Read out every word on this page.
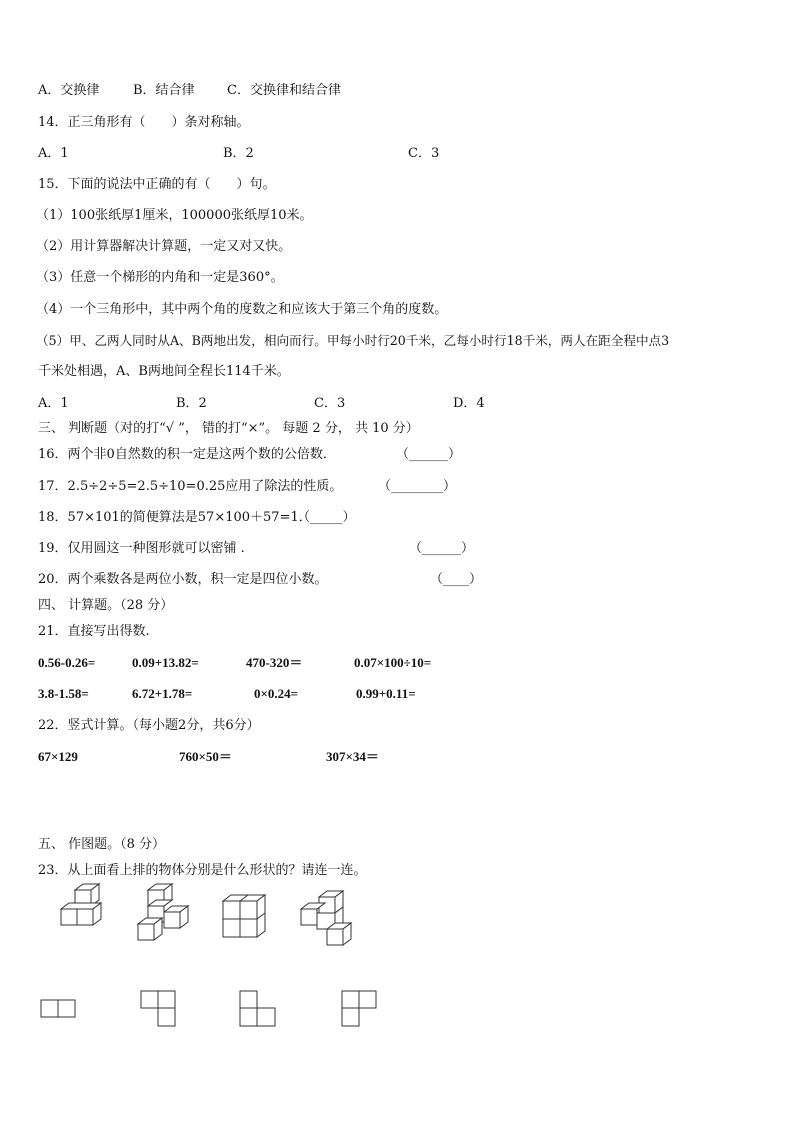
A．交换律	B．结合律 C．交换律和结合律
14．正三角形有（　　）条对称轴。
A．1	B．2	C．3
15．下面的说法中正确的有（　　）句。
（1）100张纸厚1厘米，100000张纸厚10米。
（2）用计算器解决计算题，一定又对又快。
（3）任意一个梯形的内角和一定是360°。
（4）一个三角形中，其中两个角的度数之和应该大于第三个角的度数。
（5）甲、乙两人同时从A、B两地出发，相向而行。甲每小时行20千米，乙每小时行18千米，两人在距全程中点3
千米处相遇，A、B两地间全程长114千米。
A．1	B．2	C．3	D．4
三、 判断题（对的打“√ ”， 错的打“×”。 每题 2 分， 共 10 分）
16．两个非0自然数的积一定是这两个数的公倍数．	（______）
17．2.5÷2÷5=2.5÷10=0.25应用了除法的性质。	（________）
18．57×101的简便算法是57×100＋57=1．
（_____）
19．仅用圆这一种图形就可以密铺 .	（______）
20．两个乘数各是两位小数，积一定是四位小数。	（____）
四、 计算题。（28 分）
21．直接写出得数.
0.56-0.26=	0.09+13.82=	470-320＝	0.07×100÷10=
3.8-1.58=	6.72+1.78=	0×0.24=	0.99+0.11=
22．竖式计算。（每小题2分，共6分）
67×129	760×50＝	307×34＝
五、 作图题。（8 分）
23．从上面看上排的物体分别是什么形状的？请连一连。
